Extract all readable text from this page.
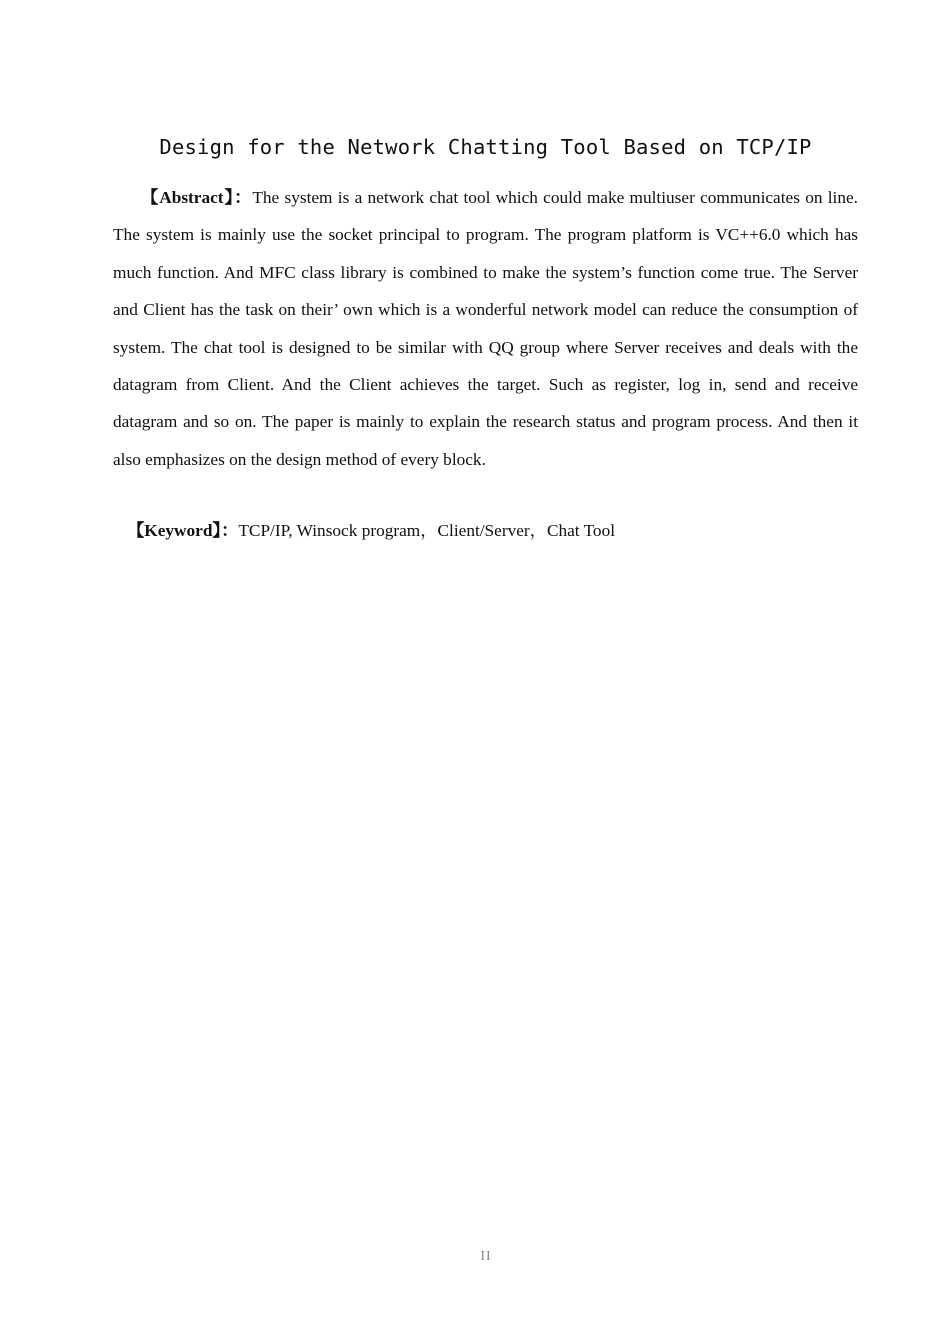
Design for the Network Chatting Tool Based on TCP/IP

【Abstract】：The system is a network chat tool which could make multiuser communicates on line. The system is mainly use the socket principal to program. The program platform is VC++6.0 which has much function. And MFC class library is combined to make the system’s function come true. The Server and Client has the task on their’ own which is a wonderful network model can reduce the consumption of system. The chat tool is designed to be similar with QQ group where Server receives and deals with the datagram from Client. And the Client achieves the target. Such as register, log in, send and receive datagram and so on. The paper is mainly to explain the research status and program process. And then it also emphasizes on the design method of every block.

【Keyword】：TCP/IP, Winsock program，Client/Server，Chat Tool

II
